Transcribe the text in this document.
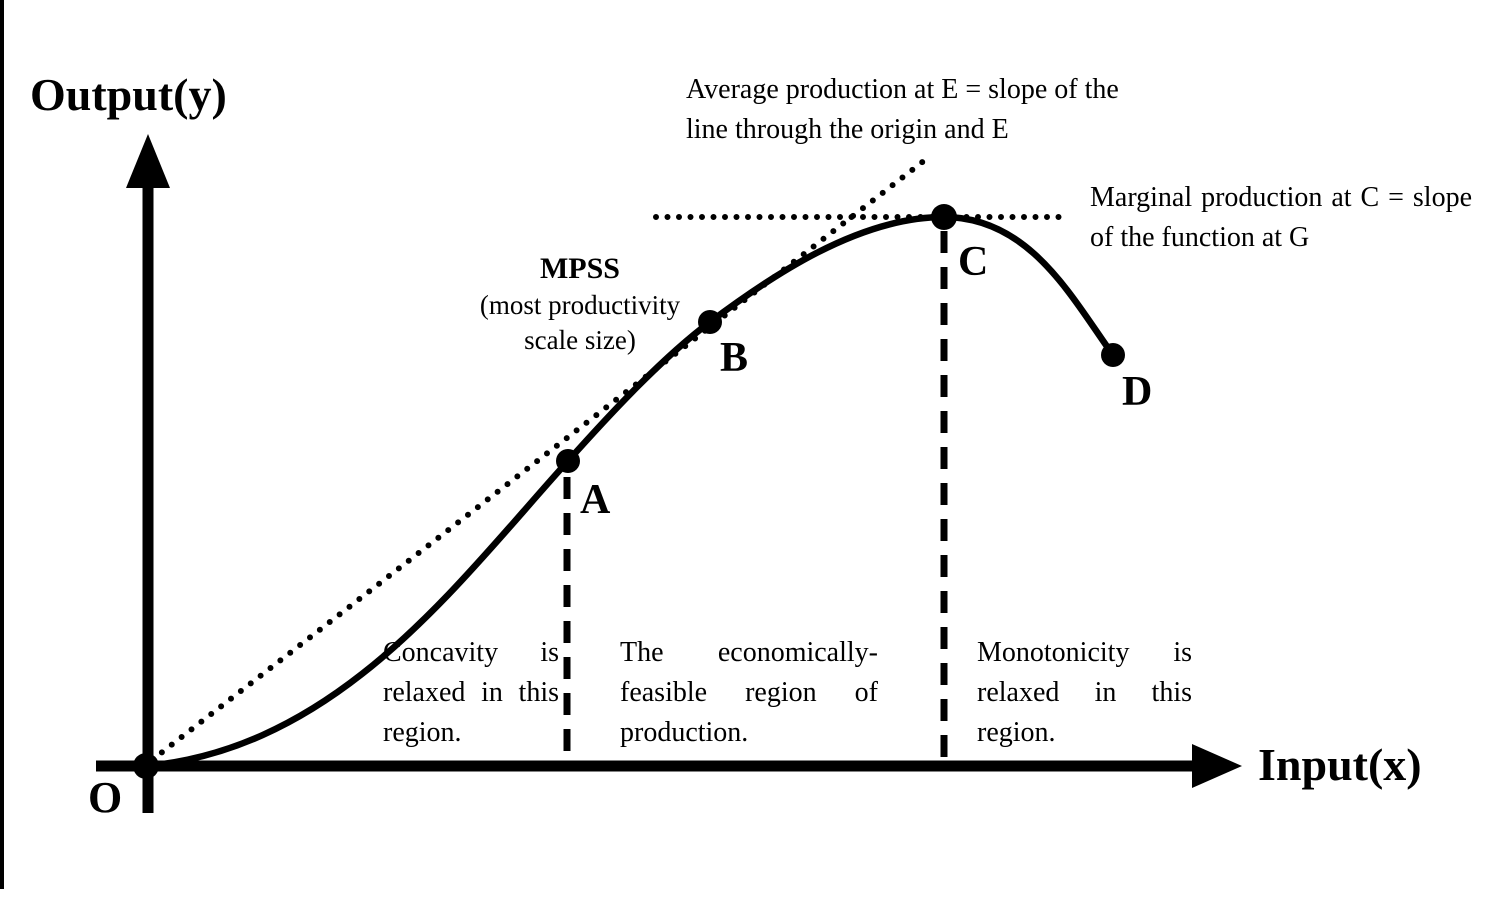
Output(y)
Input(x)
O
A
B
C
D
MPSS
(most productivity scale size)
Average production at E = slope of the line through the origin and E
Marginal production at C = slope of the function at G
Concavity is relaxed in this region.
The economically-feasible region of production.
Monotonicity is relaxed in this region.
